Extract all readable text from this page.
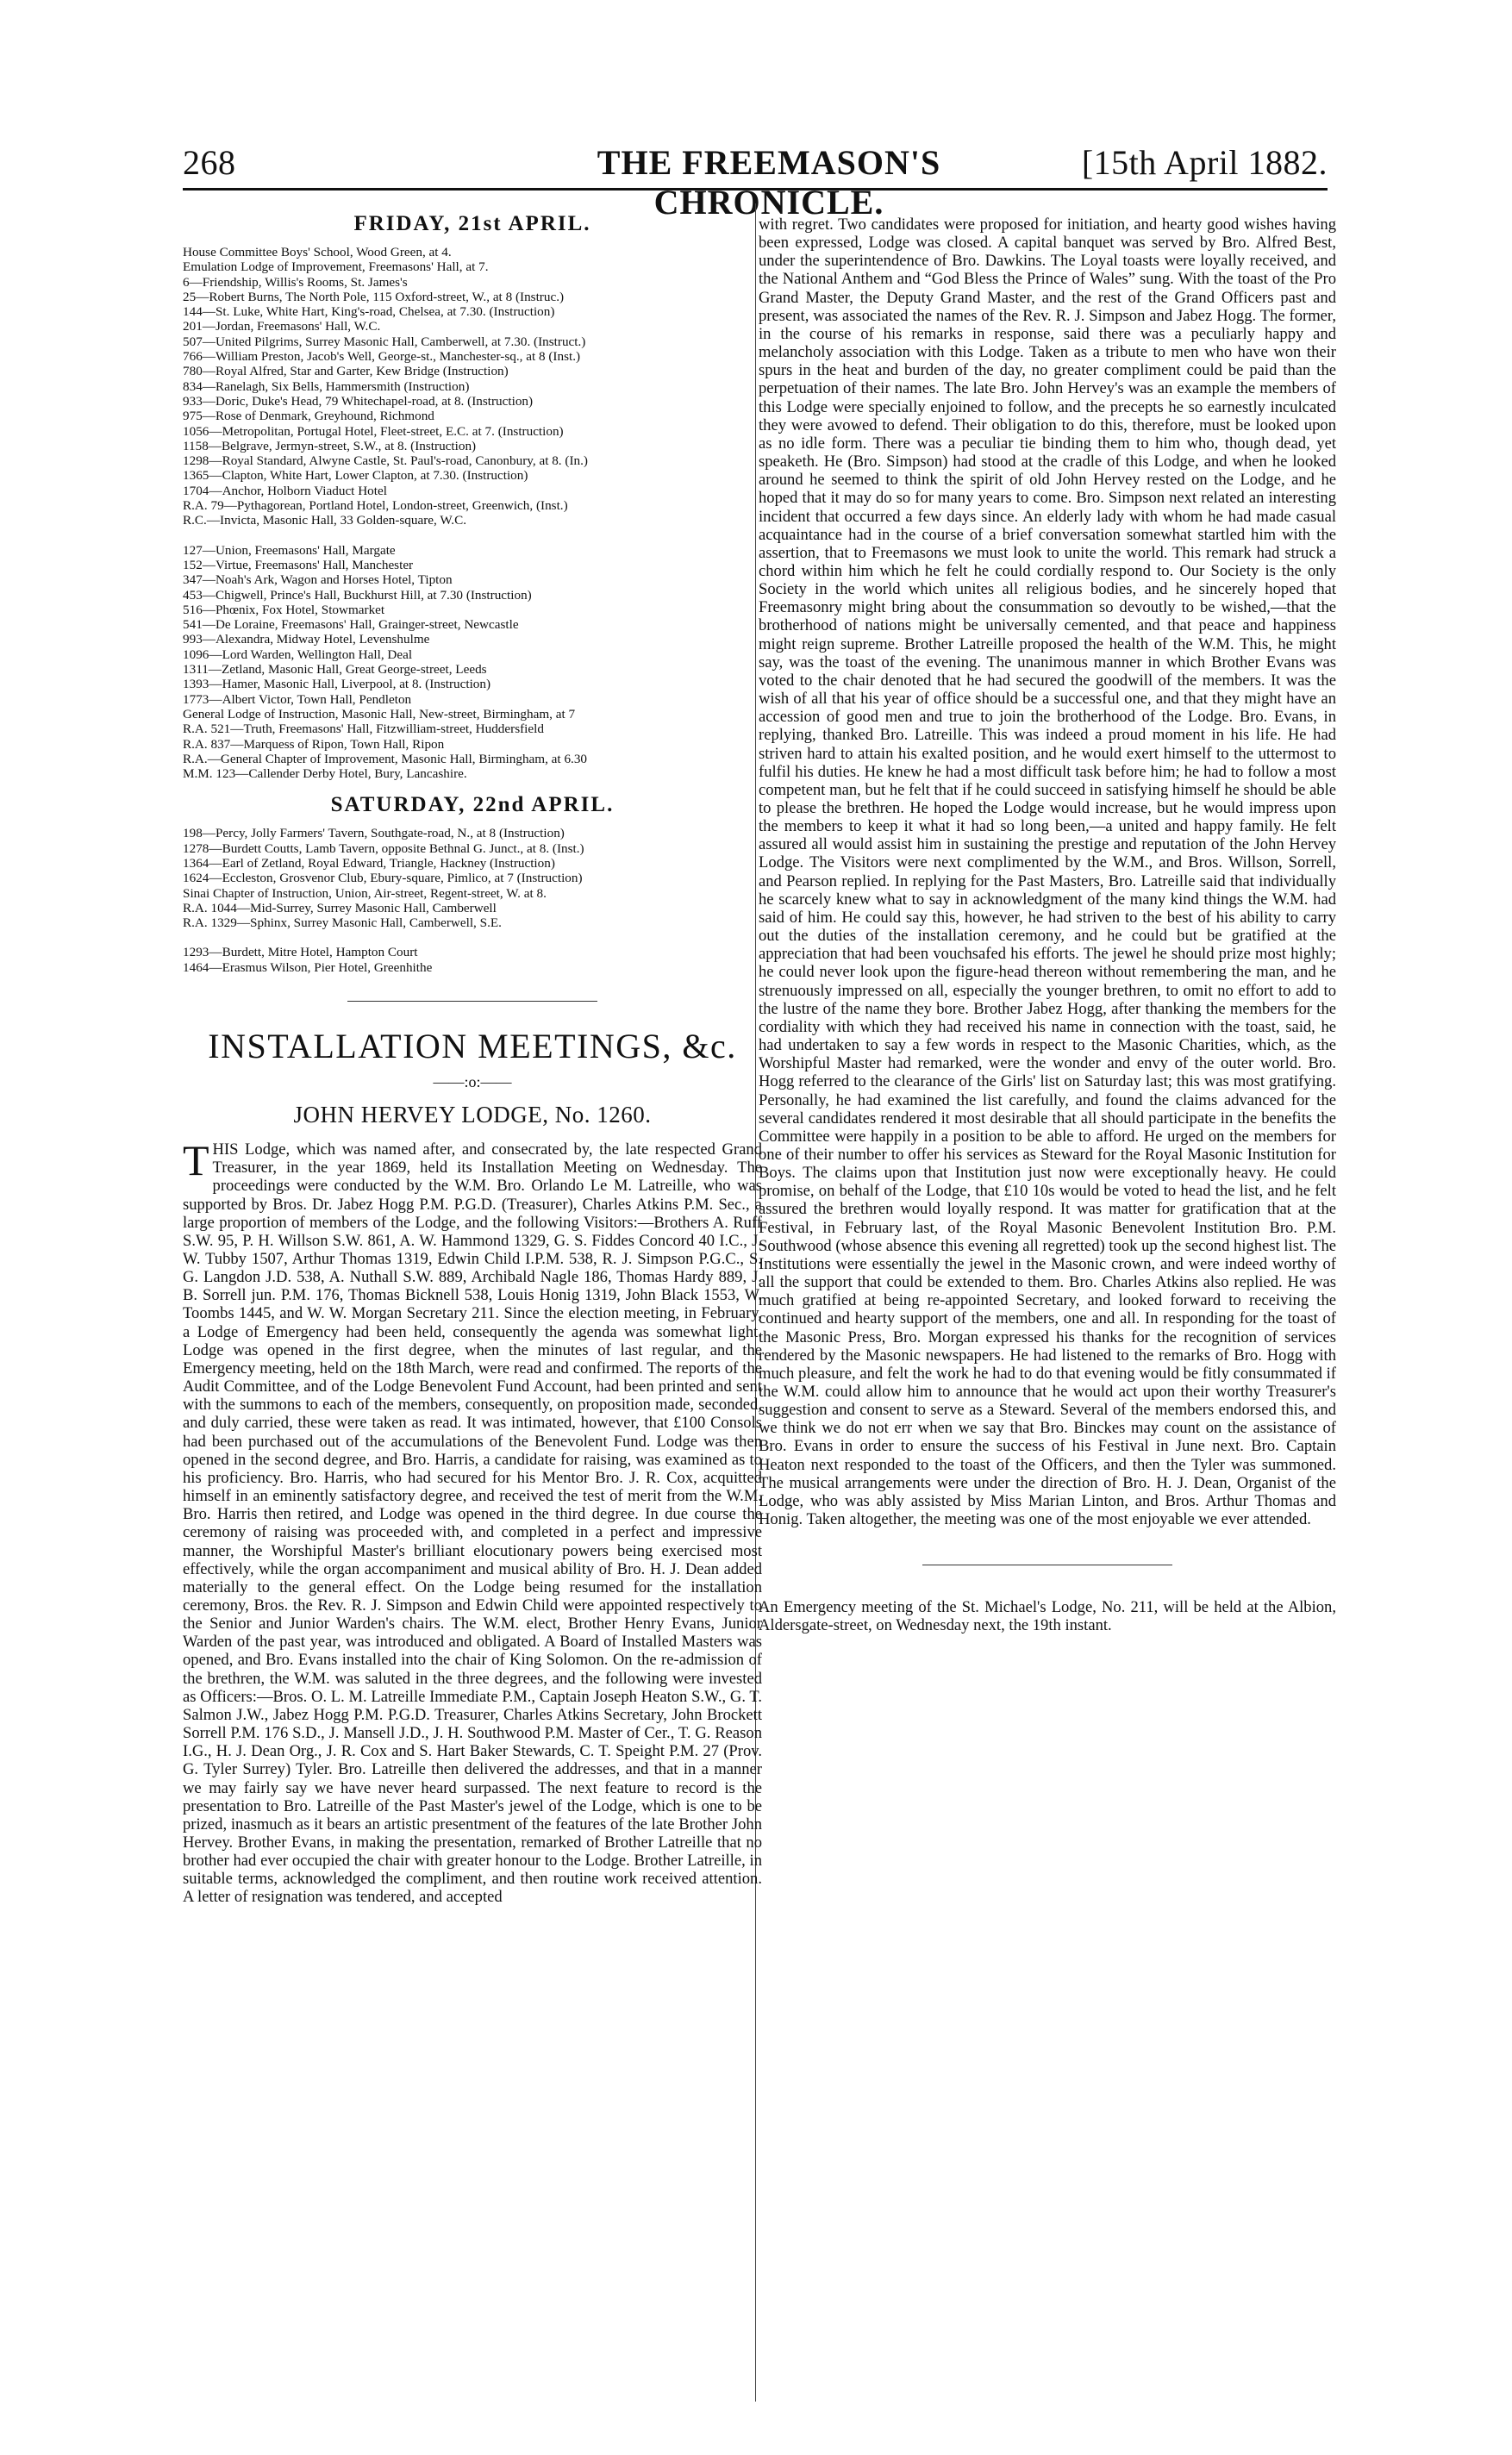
268	THE FREEMASON'S CHRONICLE.
[15th April 1882.
FRIDAY, 21st APRIL.
House Committee Boys' School, Wood Green, at 4.
Emulation Lodge of Improvement, Freemasons' Hall, at 7.
6—Friendship, Willis's Rooms, St. James's
25—Robert Burns, The North Pole, 115 Oxford-street, W., at 8 (Instruc.)
144—St. Luke, White Hart, King's-road, Chelsea, at 7.30. (Instruction)
201—Jordan, Freemasons' Hall, W.C.
507—United Pilgrims, Surrey Masonic Hall, Camberwell, at 7.30. (Instruct.)
766—William Preston, Jacob's Well, George-st., Manchester-sq., at 8 (Inst.)
780—Royal Alfred, Star and Garter, Kew Bridge (Instruction)
834—Ranelagh, Six Bells, Hammersmith (Instruction)
933—Doric, Duke's Head, 79 Whitechapel-road, at 8. (Instruction)
975—Rose of Denmark, Greyhound, Richmond
1056—Metropolitan, Portugal Hotel, Fleet-street, E.C. at 7. (Instruction)
1158—Belgrave, Jermyn-street, S.W., at 8. (Instruction)
1298—Royal Standard, Alwyne Castle, St. Paul's-road, Canonbury, at 8. (In.)
1365—Clapton, White Hart, Lower Clapton, at 7.30. (Instruction)
1704—Anchor, Holborn Viaduct Hotel
R.A. 79—Pythagorean, Portland Hotel, London-street, Greenwich, (Inst.)
R.C.—Invicta, Masonic Hall, 33 Golden-square, W.C.
127—Union, Freemasons' Hall, Margate
152—Virtue, Freemasons' Hall, Manchester
347—Noah's Ark, Wagon and Horses Hotel, Tipton
453—Chigwell, Prince's Hall, Buckhurst Hill, at 7.30 (Instruction)
516—Phœnix, Fox Hotel, Stowmarket
541—De Loraine, Freemasons' Hall, Grainger-street, Newcastle
993—Alexandra, Midway Hotel, Levenshulme
1096—Lord Warden, Wellington Hall, Deal
1311—Zetland, Masonic Hall, Great George-street, Leeds
1393—Hamer, Masonic Hall, Liverpool, at 8. (Instruction)
1773—Albert Victor, Town Hall, Pendleton
General Lodge of Instruction, Masonic Hall, New-street, Birmingham, at 7
R.A. 521—Truth, Freemasons' Hall, Fitzwilliam-street, Huddersfield
R.A. 837—Marquess of Ripon, Town Hall, Ripon
R.A.—General Chapter of Improvement, Masonic Hall, Birmingham, at 6.30
M.M. 123—Callender Derby Hotel, Bury, Lancashire.
SATURDAY, 22nd APRIL.
198—Percy, Jolly Farmers' Tavern, Southgate-road, N., at 8 (Instruction)
1278—Burdett Coutts, Lamb Tavern, opposite Bethnal G. Junct., at 8. (Inst.)
1364—Earl of Zetland, Royal Edward, Triangle, Hackney (Instruction)
1624—Eccleston, Grosvenor Club, Ebury-square, Pimlico, at 7 (Instruction)
Sinai Chapter of Instruction, Union, Air-street, Regent-street, W. at 8.
R.A. 1044—Mid-Surrey, Surrey Masonic Hall, Camberwell
R.A. 1329—Sphinx, Surrey Masonic Hall, Camberwell, S.E.
1293—Burdett, Mitre Hotel, Hampton Court
1464—Erasmus Wilson, Pier Hotel, Greenhithe
INSTALLATION MEETINGS, &c.
——:o:——
JOHN HERVEY LODGE, No. 1260.

T HIS Lodge, which was named after, and consecrated by, the late respected Grand Treasurer, in the year 1869, held its Installation Meeting on Wednesday. The proceedings were conducted by the W.M. Bro. Orlando Le M. Latreille, who was supported by Bros. Dr. Jabez Hogg P.M. P.G.D. (Treasurer), Charles Atkins P.M. Sec., a large proportion of members of the Lodge, and the following Visitors:—Brothers A. Ruff S.W. 95, P. H. Willson S.W. 861, A. W. Hammond 1329, G. S. Fiddes Concord 40 I.C., J. W. Tubby 1507, Arthur Thomas 1319, Edwin Child I.P.M. 538, R. J. Simpson P.G.C., S. G. Langdon J.D. 538, A. Nuthall S.W. 889, Archibald Nagle 186, Thomas Hardy 889, J. B. Sorrell jun. P.M. 176, Thomas Bicknell 538, Louis Honig 1319, John Black 1553, W. Toombs 1445, and W. W. Morgan Secretary 211. Since the election meeting, in February, a Lodge of Emergency had been held, consequently the agenda was somewhat light. Lodge was opened in the first degree, when the minutes of last regular, and the Emergency meeting, held on the 18th March, were read and confirmed. The reports of the Audit Committee, and of the Lodge Benevolent Fund Account, had been printed and sent with the summons to each of the members, consequently, on proposition made, seconded, and duly carried, these were taken as read. It was intimated, however, that £100 Consols had been purchased out of the accumulations of the Benevolent Fund. Lodge was then opened in the second degree, and Bro. Harris, a candidate for raising, was examined as to his proficiency. Bro. Harris, who had secured for his Mentor Bro. J. R. Cox, acquitted himself in an eminently satisfactory degree, and received the test of merit from the W.M. Bro. Harris then retired, and Lodge was opened in the third degree. In due course the ceremony of raising was proceeded with, and completed in a perfect and impressive manner, the Worshipful Master's brilliant elocutionary powers being exercised most effectively, while the organ accompaniment and musical ability of Bro. H. J. Dean added materially to the general effect. On the Lodge being resumed for the installation ceremony, Bros. the Rev. R. J. Simpson and Edwin Child were appointed respectively to the Senior and Junior Warden's chairs. The W.M. elect, Brother Henry Evans, Junior Warden of the past year, was introduced and obligated. A Board of Installed Masters was opened, and Bro. Evans installed into the chair of King Solomon. On the re-admission of the brethren, the W.M. was saluted in the three degrees, and the following were invested as Officers:—Bros. O. L. M. Latreille Immediate P.M., Captain Joseph Heaton S.W., G. T. Salmon J.W., Jabez Hogg P.M. P.G.D. Treasurer, Charles Atkins Secretary, John Brockett Sorrell P.M. 176 S.D., J. Mansell J.D., J. H. Southwood P.M. Master of Cer., T. G. Reason I.G., H. J. Dean Org., J. R. Cox and S. Hart Baker Stewards, C. T. Speight P.M. 27 (Prov. G. Tyler Surrey) Tyler. Bro. Latreille then delivered the addresses, and that in a manner we may fairly say we have never heard surpassed. The next feature to record is the presentation to Bro. Latreille of the Past Master's jewel of the Lodge, which is one to be prized, inasmuch as it bears an artistic presentment of the features of the late Brother John Hervey. Brother Evans, in making the presentation, remarked of Brother Latreille that no brother had ever occupied the chair with greater honour to the Lodge. Brother Latreille, in suitable terms, acknowledged the compliment, and then routine work received attention. A letter of resignation was tendered, and accepted

with regret. Two candidates were proposed for initiation, and hearty good wishes having been expressed, Lodge was closed. A capital banquet was served by Bro. Alfred Best, under the superintendence of Bro. Dawkins. The Loyal toasts were loyally received, and the National Anthem and “God Bless the Prince of Wales” sung. With the toast of the Pro Grand Master, the Deputy Grand Master, and the rest of the Grand Officers past and present, was associated the names of the Rev. R. J. Simpson and Jabez Hogg. The former, in the course of his remarks in response, said there was a peculiarly happy and melancholy association with this Lodge. Taken as a tribute to men who have won their spurs in the heat and burden of the day, no greater compliment could be paid than the perpetuation of their names. The late Bro. John Hervey's was an example the members of this Lodge were specially enjoined to follow, and the precepts he so earnestly inculcated they were avowed to defend. Their obligation to do this, therefore, must be looked upon as no idle form. There was a peculiar tie binding them to him who, though dead, yet speaketh. He (Bro. Simpson) had stood at the cradle of this Lodge, and when he looked around he seemed to think the spirit of old John Hervey rested on the Lodge, and he hoped that it may do so for many years to come. Bro. Simpson next related an interesting incident that occurred a few days since. An elderly lady with whom he had made casual acquaintance had in the course of a brief conversation somewhat startled him with the assertion, that to Freemasons we must look to unite the world. This remark had struck a chord within him which he felt he could cordially respond to. Our Society is the only Society in the world which unites all religious bodies, and he sincerely hoped that Freemasonry might bring about the consummation so devoutly to be wished,—that the brotherhood of nations might be universally cemented, and that peace and happiness might reign supreme. Brother Latreille proposed the health of the W.M. This, he might say, was the toast of the evening. The unanimous manner in which Brother Evans was voted to the chair denoted that he had secured the goodwill of the members. It was the wish of all that his year of office should be a successful one, and that they might have an accession of good men and true to join the brotherhood of the Lodge. Bro. Evans, in replying, thanked Bro. Latreille. This was indeed a proud moment in his life. He had striven hard to attain his exalted position, and he would exert himself to the uttermost to fulfil his duties. He knew he had a most difficult task before him; he had to follow a most competent man, but he felt that if he could succeed in satisfying himself he should be able to please the brethren. He hoped the Lodge would increase, but he would impress upon the members to keep it what it had so long been,—a united and happy family. He felt assured all would assist him in sustaining the prestige and reputation of the John Hervey Lodge. The Visitors were next complimented by the W.M., and Bros. Willson, Sorrell, and Pearson replied. In replying for the Past Masters, Bro. Latreille said that individually he scarcely knew what to say in acknowledgment of the many kind things the W.M. had said of him. He could say this, however, he had striven to the best of his ability to carry out the duties of the installation ceremony, and he could but be gratified at the appreciation that had been vouchsafed his efforts. The jewel he should prize most highly; he could never look upon the figure-head thereon without remembering the man, and he strenuously impressed on all, especially the younger brethren, to omit no effort to add to the lustre of the name they bore. Brother Jabez Hogg, after thanking the members for the cordiality with which they had received his name in connection with the toast, said, he had undertaken to say a few words in respect to the Masonic Charities, which, as the Worshipful Master had remarked, were the wonder and envy of the outer world. Bro. Hogg referred to the clearance of the Girls' list on Saturday last; this was most gratifying. Personally, he had examined the list carefully, and found the claims advanced for the several candidates rendered it most desirable that all should participate in the benefits the Committee were happily in a position to be able to afford. He urged on the members for one of their number to offer his services as Steward for the Royal Masonic Institution for Boys. The claims upon that Institution just now were exceptionally heavy. He could promise, on behalf of the Lodge, that £10 10s would be voted to head the list, and he felt assured the brethren would loyally respond. It was matter for gratification that at the Festival, in February last, of the Royal Masonic Benevolent Institution Bro. P.M. Southwood (whose absence this evening all regretted) took up the second highest list. The Institutions were essentially the jewel in the Masonic crown, and were indeed worthy of all the support that could be extended to them. Bro. Charles Atkins also replied. He was much gratified at being re-appointed Secretary, and looked forward to receiving the continued and hearty support of the members, one and all. In responding for the toast of the Masonic Press, Bro. Morgan expressed his thanks for the recognition of services rendered by the Masonic newspapers. He had listened to the remarks of Bro. Hogg with much pleasure, and felt the work he had to do that evening would be fitly consummated if the W.M. could allow him to announce that he would act upon their worthy Treasurer's suggestion and consent to serve as a Steward. Several of the members endorsed this, and we think we do not err when we say that Bro. Binckes may count on the assistance of Bro. Evans in order to ensure the success of his Festival in June next. Bro. Captain Heaton next responded to the toast of the Officers, and then the Tyler was summoned. The musical arrangements were under the direction of Bro. H. J. Dean, Organist of the Lodge, who was ably assisted by Miss Marian Linton, and Bros. Arthur Thomas and Honig. Taken altogether, the meeting was one of the most enjoyable we ever attended.

An Emergency meeting of the St. Michael's Lodge, No. 211, will be held at the Albion, Aldersgate-street, on Wednesday next, the 19th instant.
